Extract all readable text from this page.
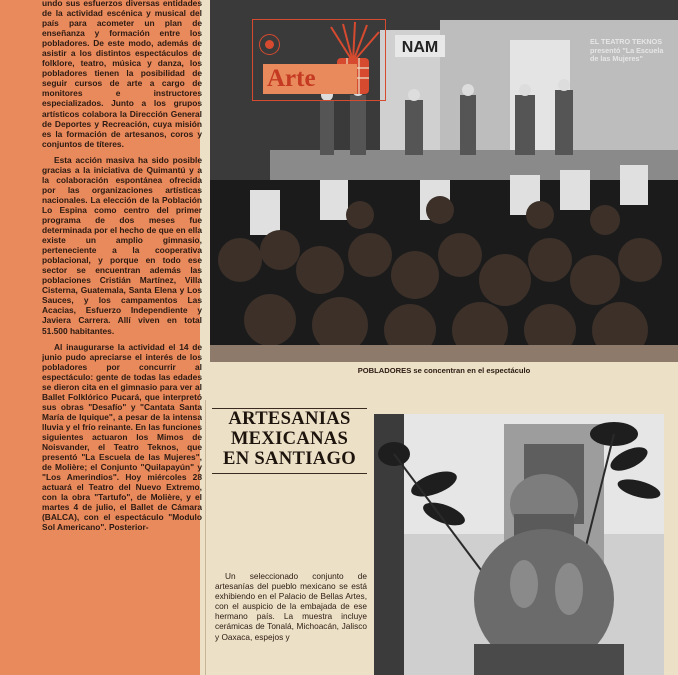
undo sus esfuerzos diversas entidades de la actividad escénica y musical del país para acometer un plan de enseñanza y formación entre los pobladores. De este modo, además de asistir a los distintos espectáculos de folklore, teatro, música y danza, los pobladores tienen la posibilidad de seguir cursos de arte a cargo de monitores e instructores especializados. Junto a los grupos artísticos colabora la Dirección General de Deportes y Recreación, cuya misión es la formación de artesanos, coros y conjuntos de títeres.

Esta acción masiva ha sido posible gracias a la iniciativa de Quimantú y a la colaboración espontánea ofrecida por las organizaciones artísticas nacionales. La elección de la Población Lo Espina como centro del primer programa de dos meses fue determinada por el hecho de que en ella existe un amplio gimnasio, perteneciente a la cooperativa poblacional, y porque en todo ese sector se encuentran además las poblaciones Cristián Martínez, Villa Cisterna, Guatemala, Santa Elena y Los Sauces, y los campamentos Las Acacias, Esfuerzo Independiente y Javiera Carrera. Allí viven en total 51.500 habitantes.

Al inaugurarse la actividad el 14 de junio pudo apreciarse el interés de los pobladores por concurrir al espectáculo: gente de todas las edades se dieron cita en el gimnasio para ver al Ballet Folklórico Pucará, que interpretó sus obras "Desafío" y "Cantata Santa María de Iquique", a pesar de la intensa lluvia y el frío reinante. En las funciones siguientes actuaron los Mimos de Noisvander, el Teatro Teknos, que presentó "La Escuela de las Mujeres", de Molière; el Conjunto "Quilapayún" y "Los Amerindios". Hoy miércoles 28 actuará el Teatro del Nuevo Extremo, con la obra "Tartufo", de Molière, y el martes 4 de julio, el Ballet de Cámara (BALCA), con el espectáculo "Modulo Sol Americano". Posterior-

NAM
Arte
EL TEATRO TEKNOS presentó "La Escuela de las Mujeres"
POBLADORES se concentran en el espectáculo
ARTESANIAS
MEXICANAS
EN SANTIAGO

Un seleccionado conjunto de artesanías del pueblo mexicano se está exhibiendo en el Palacio de Bellas Artes, con el auspicio de la embajada de ese hermano país. La muestra incluye cerámicas de Tonalá, Michoacán, Jalisco y Oaxaca, espejos y
